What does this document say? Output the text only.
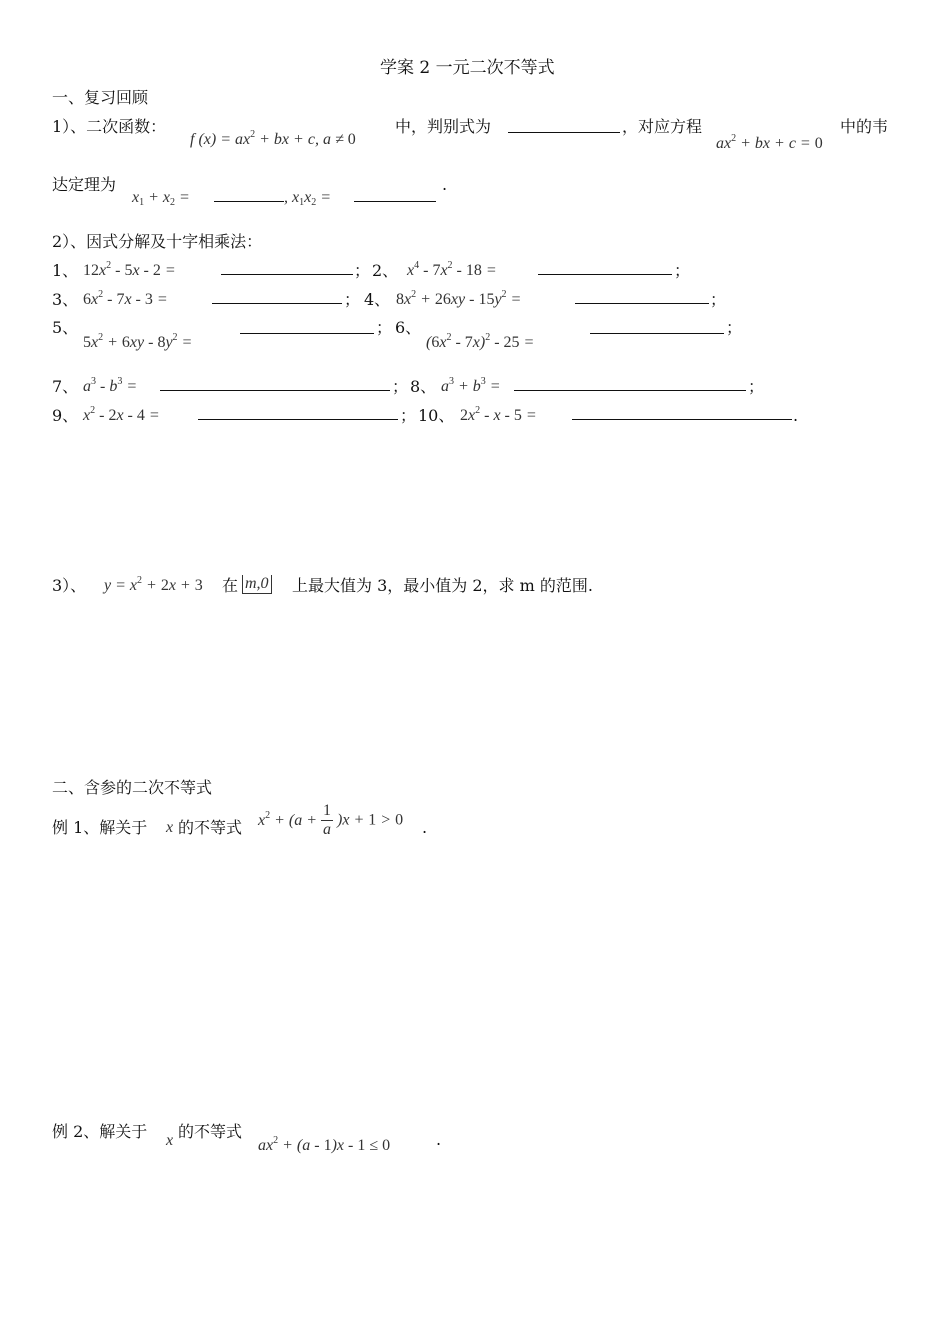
学案 2 一元二次不等式
一、复习回顾
1）、二次函数：
f $(x) = ax^2$ + bx + c, a ≠ 0
中，判别式为	，对应方程
$ax^2$ + bx + c = 0
中的韦
达定理为
$x_1 + x_2$ =	, $x_1x_2$ =
.
2）、因式分解及十字相乘法：
1、 $12x^2 - 5x - 2$ =	； 2、 $x^4 - 7x^2 - 18$ =	；
3、 $6x^2 - 7x - 3$ =	； 4、 $8x^2 + 26xy - 15y^2$ =	；
5、
$5x^2 + 6xy - 8y^2$ =
； 6、
$(6x^2 - 7x)^2 - 25$ =
；
7、 $a^3 - b^3$ =	； 8、 $a^3 + b^3$ =	；
9、 $x^2 - 2x - 4$ =	； 10、 $2x^2$ - x - 5 =	.
3）、 $y = x^2 + 2x + 3$ 在 m,0 上最大值为 3，最小值为 2，求 m 的范围.
二、含参的二次不等式
例 1、解关于 x 的不等式 $x^2 + (a + \frac{1}{a} )x + 1 > 0$ .
例 2、解关于 x 的不等式
$ax^2 + (a - 1)x - 1 \le 0$	.
